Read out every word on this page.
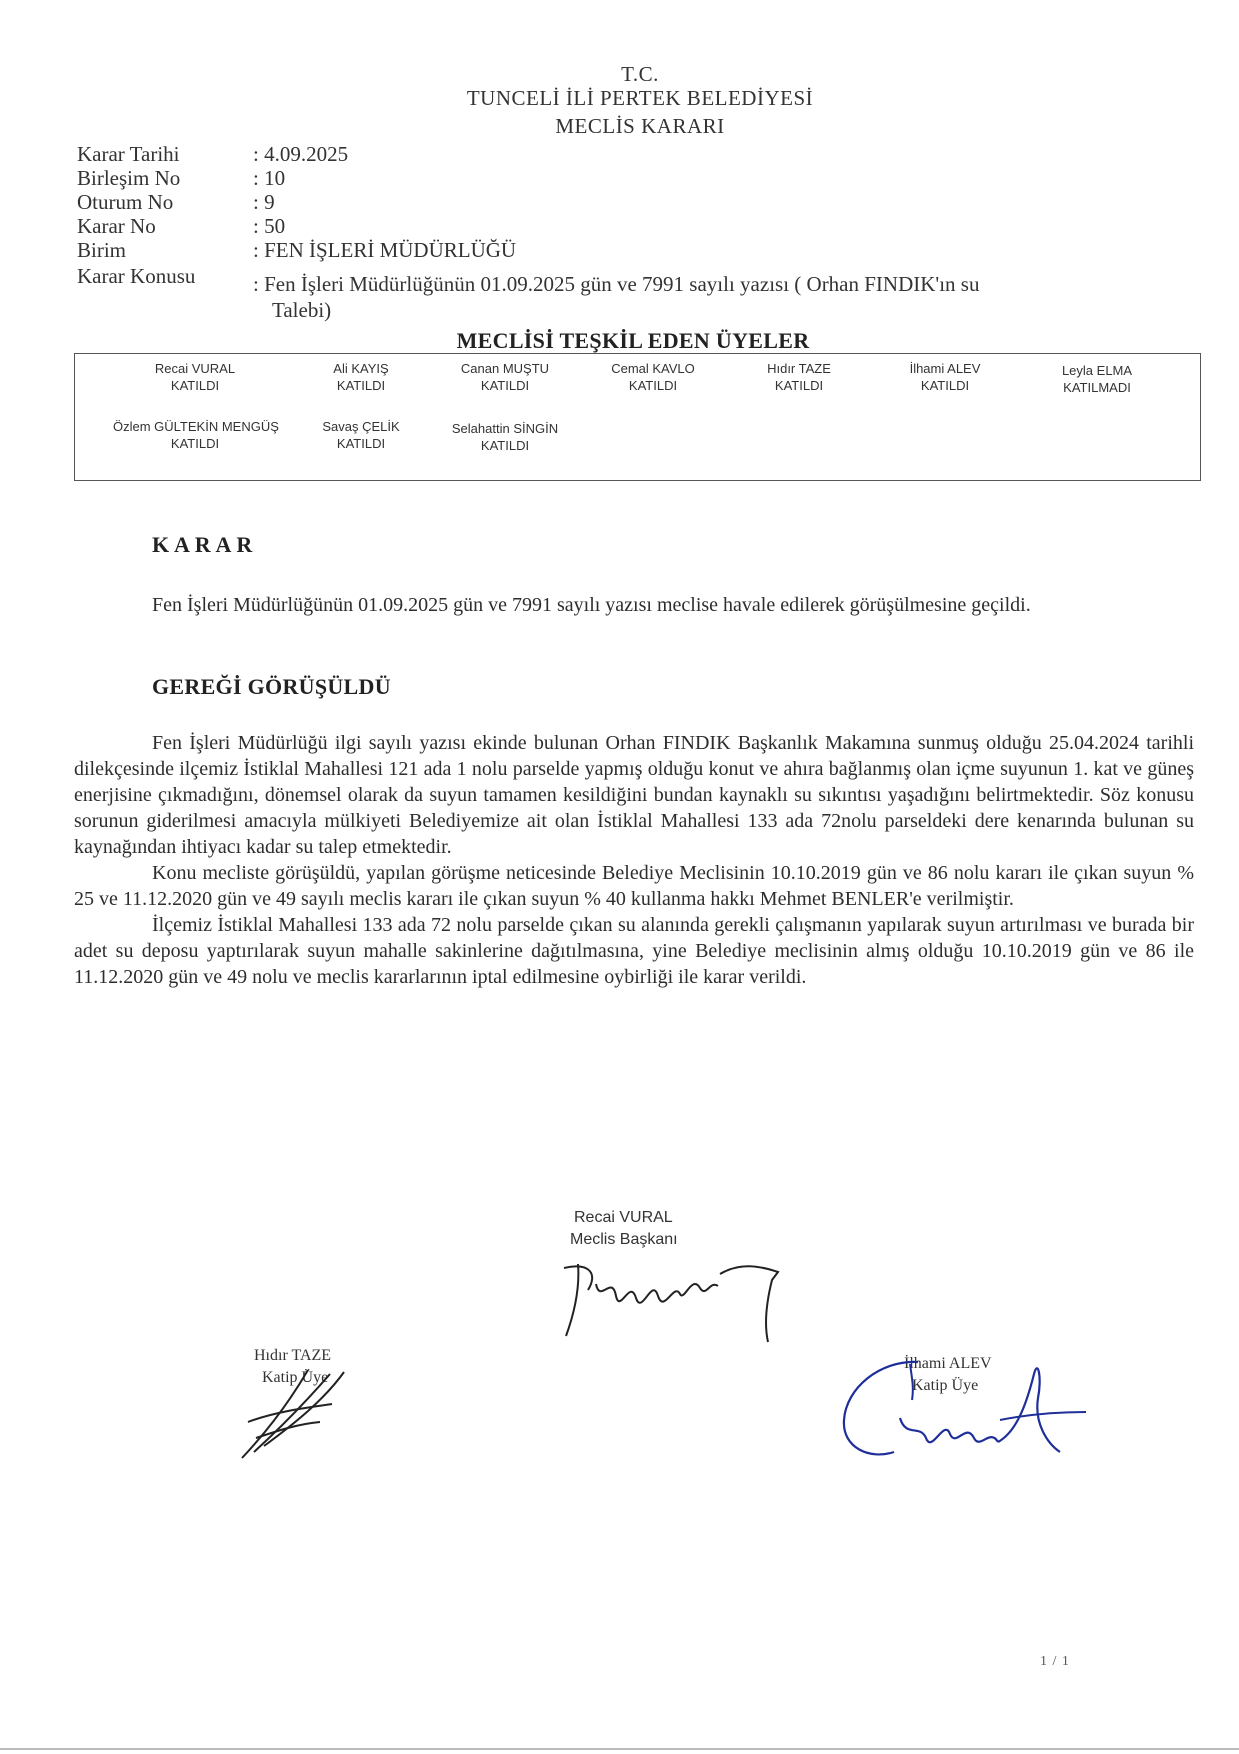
T.C.
TUNCELİ İLİ PERTEK BELEDİYESİ
MECLİS KARARI
Karar Tarihi	: 4.09.2025
Birleşim No	: 10
Oturum No	: 9
Karar No	: 50
Birim	: FEN İŞLERİ MÜDÜRLÜĞÜ
Karar Konusu	: Fen İşleri Müdürlüğünün 01.09.2025 gün ve 7991 sayılı yazısı ( Orhan FINDIK'ın su
Talebi)
MECLİSİ TEŞKİL EDEN ÜYELER
Recai VURAL
KATILDI
Ali KAYIŞ
KATILDI
Canan MUŞTU
KATILDI
Cemal KAVLO
KATILDI
Hıdır TAZE
KATILDI
İlhami ALEV
KATILDI
Leyla ELMA
KATILMADI
Özlem GÜLTEKİN MENGÜŞ
KATILDI
Savaş ÇELİK
KATILDI
Selahattin SİNGİN
KATILDI
K A R A R
Fen İşleri Müdürlüğünün 01.09.2025 gün ve 7991 sayılı yazısı meclise havale edilerek görüşülmesine geçildi.
GEREĞİ GÖRÜŞÜLDÜ

Fen İşleri Müdürlüğü ilgi sayılı yazısı ekinde bulunan Orhan FINDIK Başkanlık Makamına sunmuş olduğu 25.04.2024 tarihli dilekçesinde ilçemiz İstiklal Mahallesi 121 ada 1 nolu parselde yapmış olduğu konut ve ahıra bağlanmış olan içme suyunun 1. kat ve güneş enerjisine çıkmadığını, dönemsel olarak da suyun tamamen kesildiğini bundan kaynaklı su sıkıntısı yaşadığını belirtmektedir. Söz konusu sorunun giderilmesi amacıyla mülkiyeti Belediyemize ait olan İstiklal Mahallesi 133 ada 72nolu parseldeki dere kenarında bulunan su kaynağından ihtiyacı kadar su talep etmektedir.

Konu mecliste görüşüldü, yapılan görüşme neticesinde Belediye Meclisinin 10.10.2019 gün ve 86 nolu kararı ile çıkan suyun % 25 ve 11.12.2020 gün ve 49 sayılı meclis kararı ile çıkan suyun % 40 kullanma hakkı Mehmet BENLER'e verilmiştir.

İlçemiz İstiklal Mahallesi 133 ada 72 nolu parselde çıkan su alanında gerekli çalışmanın yapılarak suyun artırılması ve burada bir adet su deposu yaptırılarak suyun mahalle sakinlerine dağıtılmasına, yine Belediye meclisinin almış olduğu 10.10.2019 gün ve 86 ile 11.12.2020 gün ve 49 nolu ve meclis kararlarının iptal edilmesine oybirliği ile karar verildi.

Recai VURAL
Meclis Başkanı
Hıdır TAZE
Katip Üye
İlhami ALEV
Katip Üye
1 / 1
